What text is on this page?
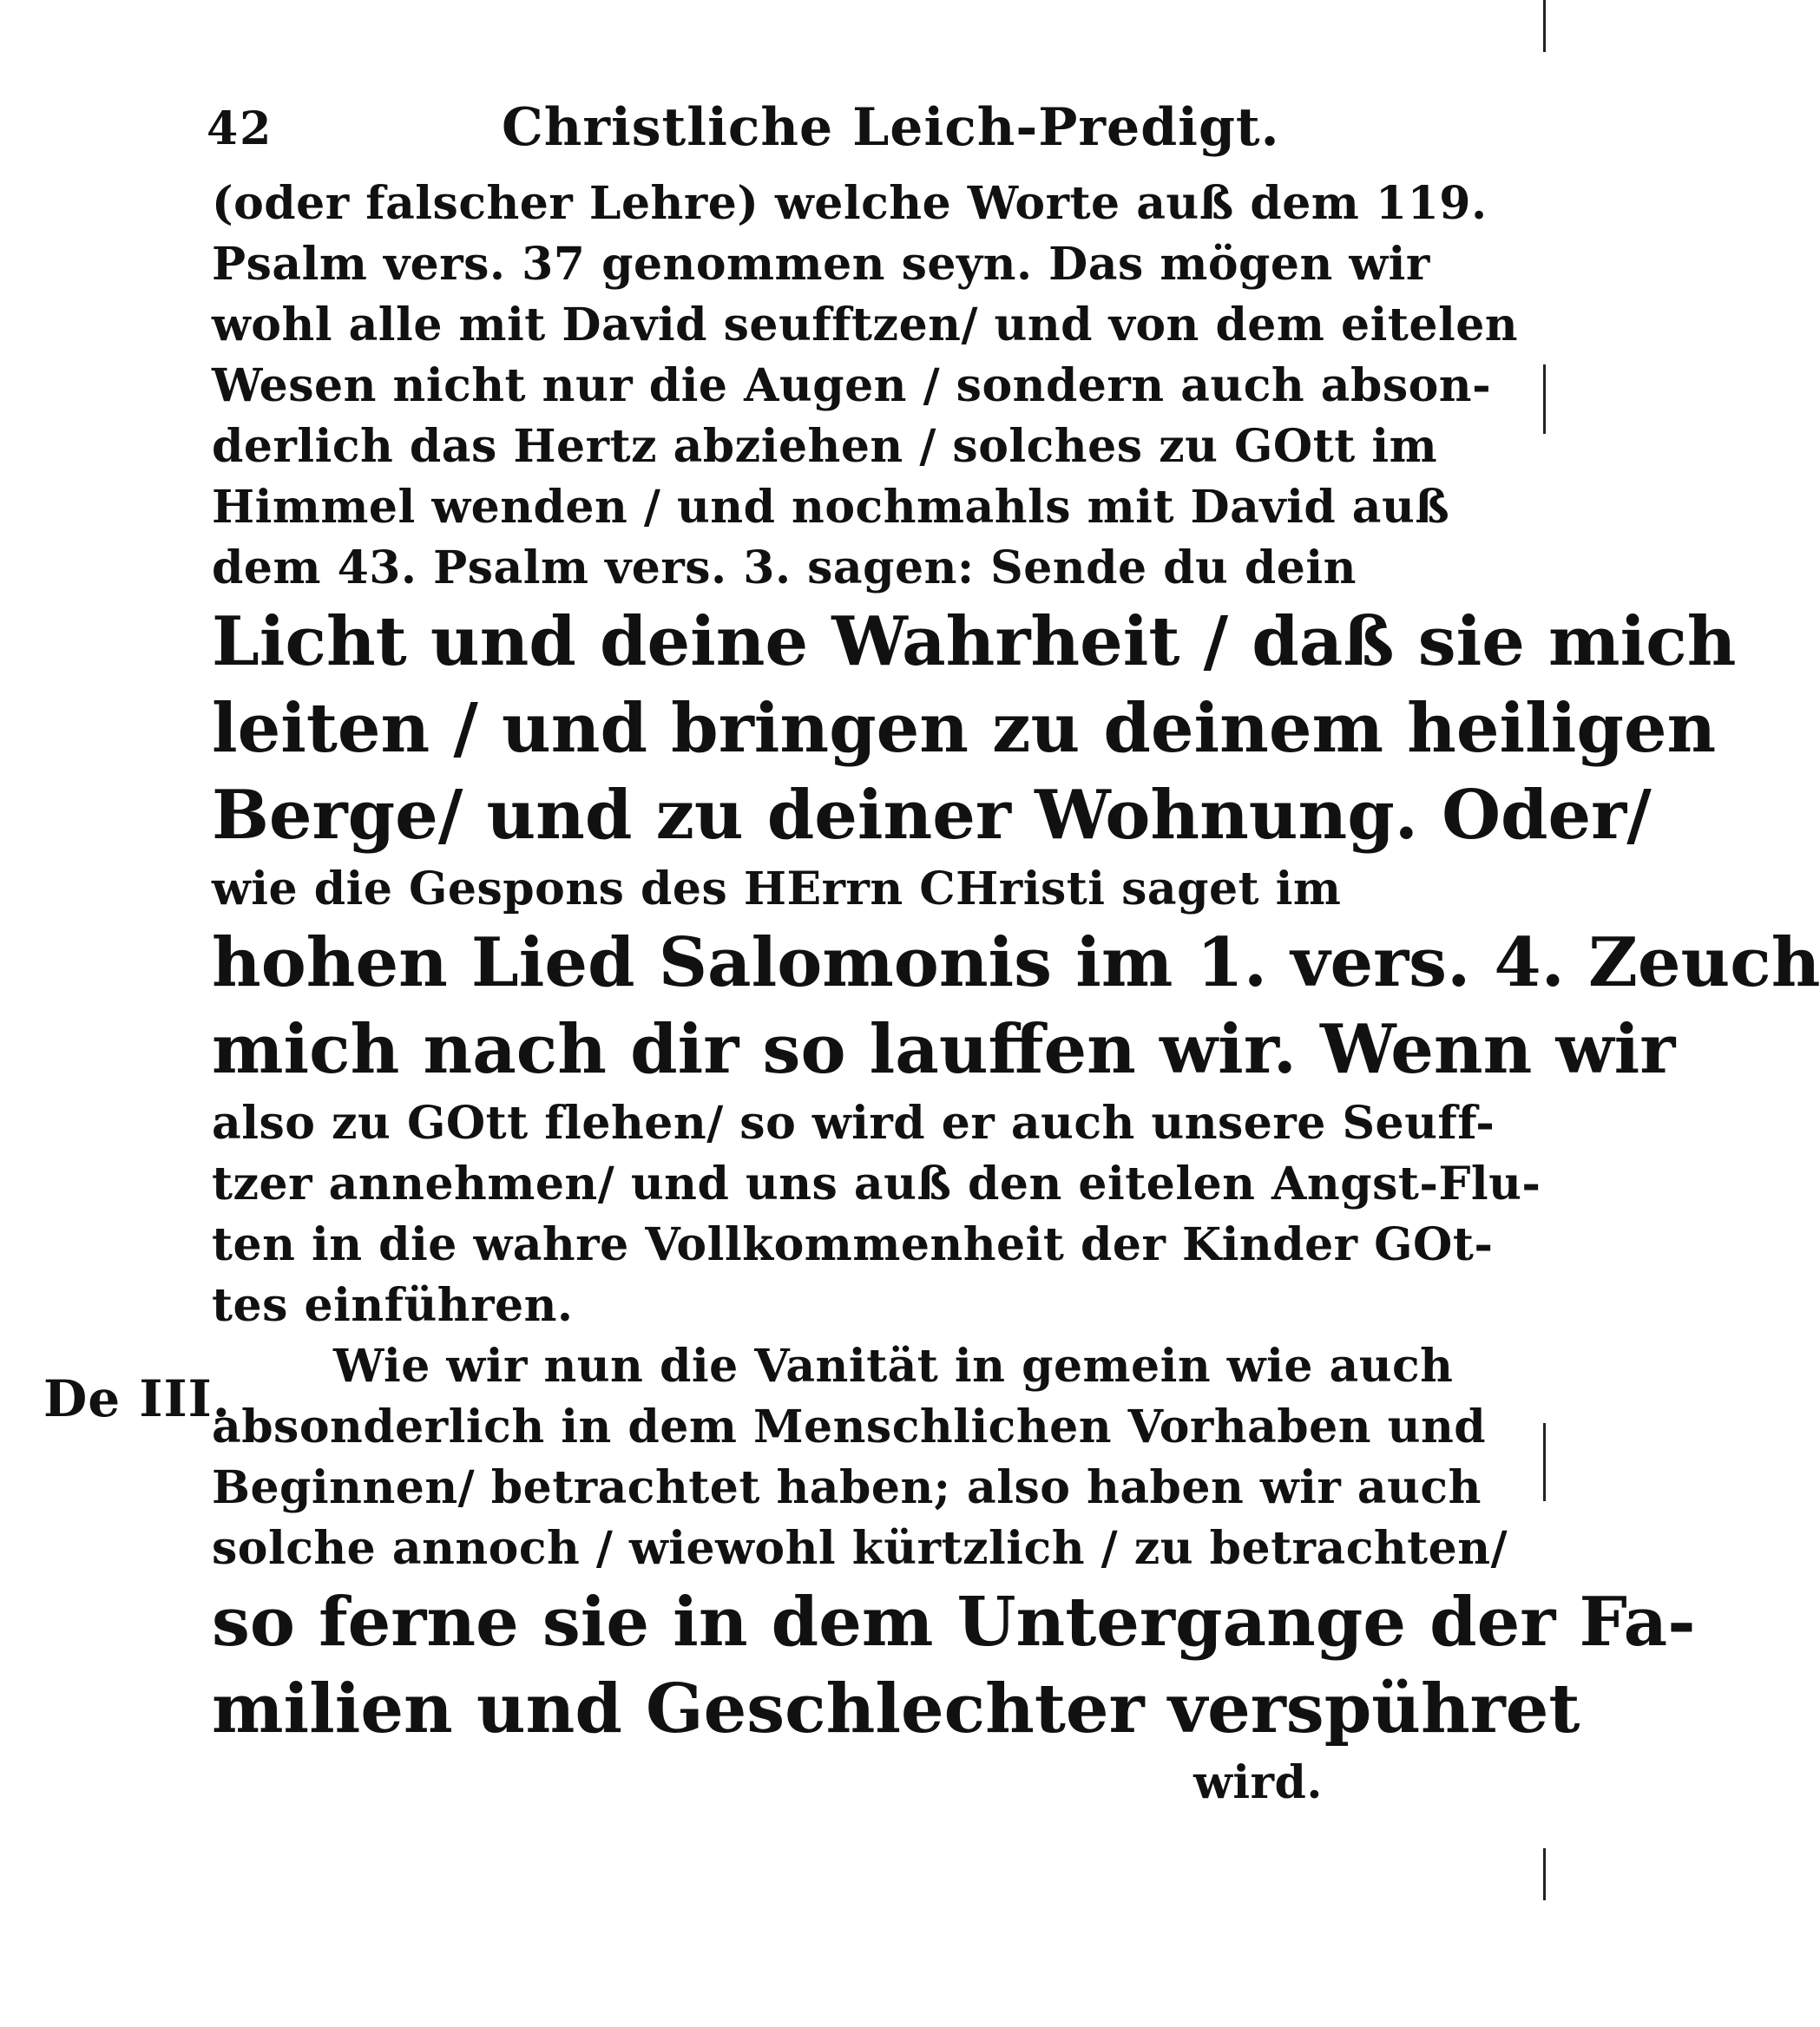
42	Christliche Leich-Predigt.
De III.
(oder falscher Lehre) welche Worte auß dem 119.
Psalm vers. 37 genommen seyn. Das mögen wir
wohl alle mit David seufftzen/ und von dem eitelen
Wesen nicht nur die Augen / sondern auch abson-
derlich das Hertz abziehen / solches zu GOtt im
Himmel wenden / und nochmahls mit David auß
dem 43. Psalm vers. 3. sagen: Sende du dein
Licht und deine Wahrheit / daß sie mich
leiten / und bringen zu deinem heiligen
Berge/ und zu deiner Wohnung. Oder/
wie die Gespons des HErrn CHristi saget im
hohen Lied Salomonis im 1. vers. 4. Zeuch
mich nach dir so lauffen wir. Wenn wir
also zu GOtt flehen/ so wird er auch unsere Seuff-
tzer annehmen/ und uns auß den eitelen Angst-Flu-
ten in die wahre Vollkommenheit der Kinder GOt-
tes einführen.
Wie wir nun die Vanität in gemein wie auch
absonderlich in dem Menschlichen Vorhaben und
Beginnen/ betrachtet haben; also haben wir auch
solche annoch / wiewohl kürtzlich / zu betrachten/
so ferne sie in dem Untergange der Fa-
milien und Geschlechter verspühret
wird.
